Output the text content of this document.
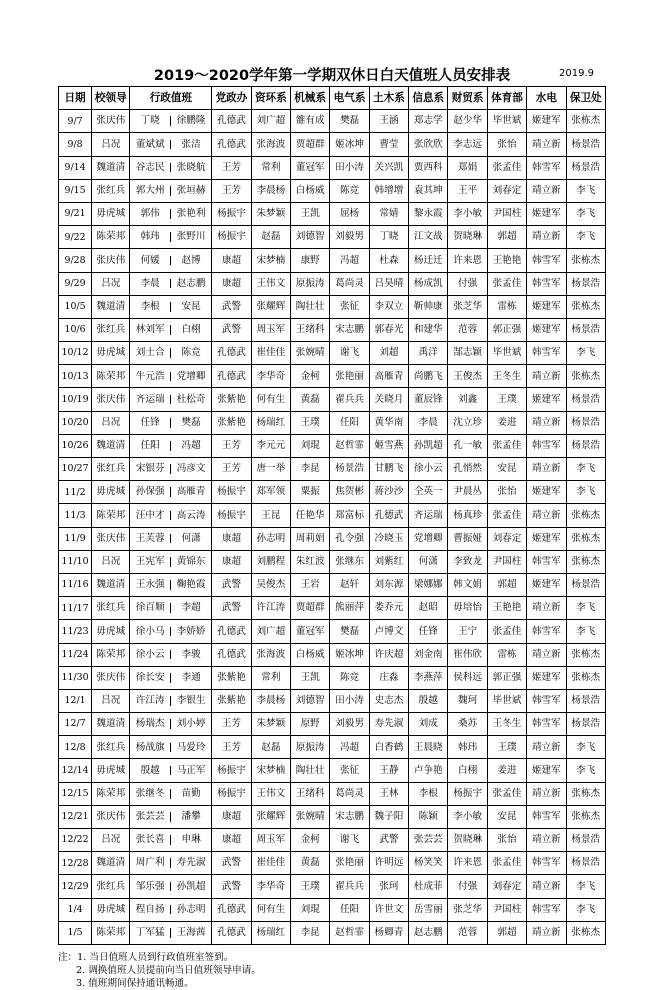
2019～2020学年第一学期双休日白天值班人员安排表	2019.9
日期	校领导	行政值班	党政办	资环系	机械系	电气系	土木系	信息系	财贸系	体育部	水电	保卫处
9/7	张庆伟	丁晓 徐鹏隆	孔德武	刘广超	雒有成	樊磊	王涵	郑志学	赵少华	毕世斌	姬建军	张栋杰
9/8	吕况	董斌斌 张洁	孔德武	张海波	贾超群	姬冰坤	曹莹	张欣欣	李志远	张怡	靖立新	杨景浩
9/14	魏道清	谷志民 张晓航	王芳	常利	董冠军	田小涛	关兴凯	贾西科	郑娟	张孟佳	韩雪军	杨景浩
9/15	张红兵	郭大州 张垣赫	王芳	李晨杨	白杨威	陈竞	韩增增	袁其坤	王平	刘春定	靖立新	李飞
9/21	毋虎城	郭伟 张艳利	杨振宇	朱梦颖	王凯	屈杨	常婧	黎永霞	李小敏	尹国柱	姬建军	李飞
9/22	陈荣邦	韩玮 张野川	杨振宇	赵磊	刘德智	刘毅男	丁晓	江文战	贺晓琳	郭超	靖立新	李飞
9/28	张庆伟	何媛 赵博	康超	宋梦楠	康野	冯超	杜森	杨迁迁	许来恩	王艳艳	韩雪军	张栋杰
9/29	吕况	李晨 赵志鹏	康超	王伟文	原振涛	葛尚灵	吕昊晴	杨成凯	付强	张孟佳	韩雪军	杨景浩
10/5	魏道清	李根 安昆	武警	张耀辉	陶壮壮	张征	李双立	靳帅康	张芝华	雷栋	姬建军	张栋杰
10/6	张红兵	林刘军 白栩	武警	周玉军	王绪科	宋志鹏	郭春光	和建华	范蓉	郭正强	姬建军	杨景浩
10/12	毋虎城	刘士合 陈竞	孔德武	崔佳佳	张婉晴	谢飞	刘超	禹洋	郜志颖	毕世斌	韩雪军	李飞
10/13	陈荣邦	牛元浩 党增卿	孔德武	李华奇	金柯	张艳丽	高雁青	尚鹏飞	王俊杰	王冬生	靖立新	张栋杰
10/19	张庆伟	齐运瑞 杜松奇	张紫艳	何有生	黄磊	翟兵兵	关晓月	董辰锋	刘鑫	王璞	姬建军	杨景浩
10/20	吕况	任锋 樊磊	张紫艳	杨瑞红	王璞	任阳	黄华南	李晨	沈立珍	姜进	靖立新	杨景浩
10/26	魏道清	任阳 冯超	王芳	李元元	刘琨	赵哲霏	姬雪燕	孙凯超	孔一敏	张孟佳	韩雪军	杨景浩
10/27	张红兵	宋银芬 冯彦文	王芳	唐一举	李昆	杨景浩	甘鹏飞	徐小云	孔悄然	安昆	靖立新	李飞
11/2	毋虎城	孙保强 高雁青	杨振宇	郑军领	粟振	焦贺彬	蒋沙沙	仝英一	尹晨丛	张怡	姬建军	李飞
11/3	陈荣邦	汪中才 高云涛	杨振宇	王昆	任艳华	郑富标	孔德武	齐运瑞	杨真珍	张孟佳	靖立新	张栋杰
11/9	张庆伟	王芙蓉 何潇	康超	孙志明	周莉娟	孔令强	冷晓玉	党增卿	曹振娅	刘春定	姬建军	张栋杰
11/10	吕况	王宪军 黄锦东	康超	刘鹏程	朱红波	张继东	刘紫红	何潇	李致龙	尹国柱	韩雪军	张栋杰
11/16	魏道清	王永强 鞠艳霞	武警	吴俊杰	王岩	赵轩	刘东源	梁娜娜	韩文娟	郭超	姬建军	杨景浩
11/17	张红兵	徐百顺 李超	武警	许江涛	贾超群	熊丽萍	娄乔元	赵昭	毋培怡	王艳艳	靖立新	李飞
11/23	毋虎城	徐小马 李娇娇	孔德武	刘广超	董冠军	樊磊	卢博文	任锋	王宁	张孟佳	韩雪军	李飞
11/24	陈荣邦	徐小云 李骏	孔德武	张海波	白杨威	姬冰坤	许庆超	刘金南	崔伟欣	雷栋	靖立新	张栋杰
11/30	张庆伟	徐长安 李通	张紫艳	常利	王凯	陈竞	庄淼	李燕萍	侯科远	郭正强	姬建军	张栋杰
12/1	吕况	许江涛 李银生	张紫艳	李晨杨	刘德智	田小涛	史志杰	殷越	魏珂	毕世斌	韩雪军	杨景浩
12/7	魏道清	杨瑞杰 刘小婷	王芳	朱梦颖	原野	刘毅男	寿先淑	刘成	桑苏	王冬生	韩雪军	杨景浩
12/8	张红兵	杨战旗 马爱玲	王芳	赵磊	原振涛	冯超	白香鹤	王晨晓	韩玮	王璞	靖立新	李飞
12/14	毋虎城	殷越 马正军	杨振宇	宋梦楠	陶壮壮	张征	王静	卢争艳	白栩	姜进	姬建军	李飞
12/15	陈荣邦	张继冬 苗勤	杨振宇	王伟文	王绪科	葛尚灵	王林	李根	杨振宇	张孟佳	靖立新	张栋杰
12/21	张庆伟	张芸芸 潘攀	康超	张耀辉	张婉晴	宋志鹏	魏子阳	陈颖	李小敏	安昆	韩雪军	张栋杰
12/22	吕况	张长喜 申琳	康超	周玉军	金柯	谢飞	武警	张芸芸	贺晓琳	张怡	靖立新	杨景浩
12/28	魏道清	周广利 寿先淑	武警	崔佳佳	黄磊	张艳丽	许明远	杨笑笑	许来恩	张孟佳	韩雪军	杨景浩
12/29	张红兵	邹乐强 孙凯超	武警	李华奇	王璞	翟兵兵	张珂	杜成菲	付强	刘春定	靖立新	李飞
1/4	毋虎城	程自扬 孙志明	孔德武	何有生	刘琨	任阳	许世文	岳雪丽	张芝华	尹国柱	韩雪军	李飞
1/5	陈荣邦	丁军猛 王海茜	孔德武	杨瑞红	李昆	赵哲霏	杨卿青	赵志鹏	范蓉	郭超	靖立新	张栋杰
注：1. 当日值班人员到行政值班室签到。
2. 调换值班人员提前向当日值班领导申请。
3. 值班期间保持通讯畅通。
